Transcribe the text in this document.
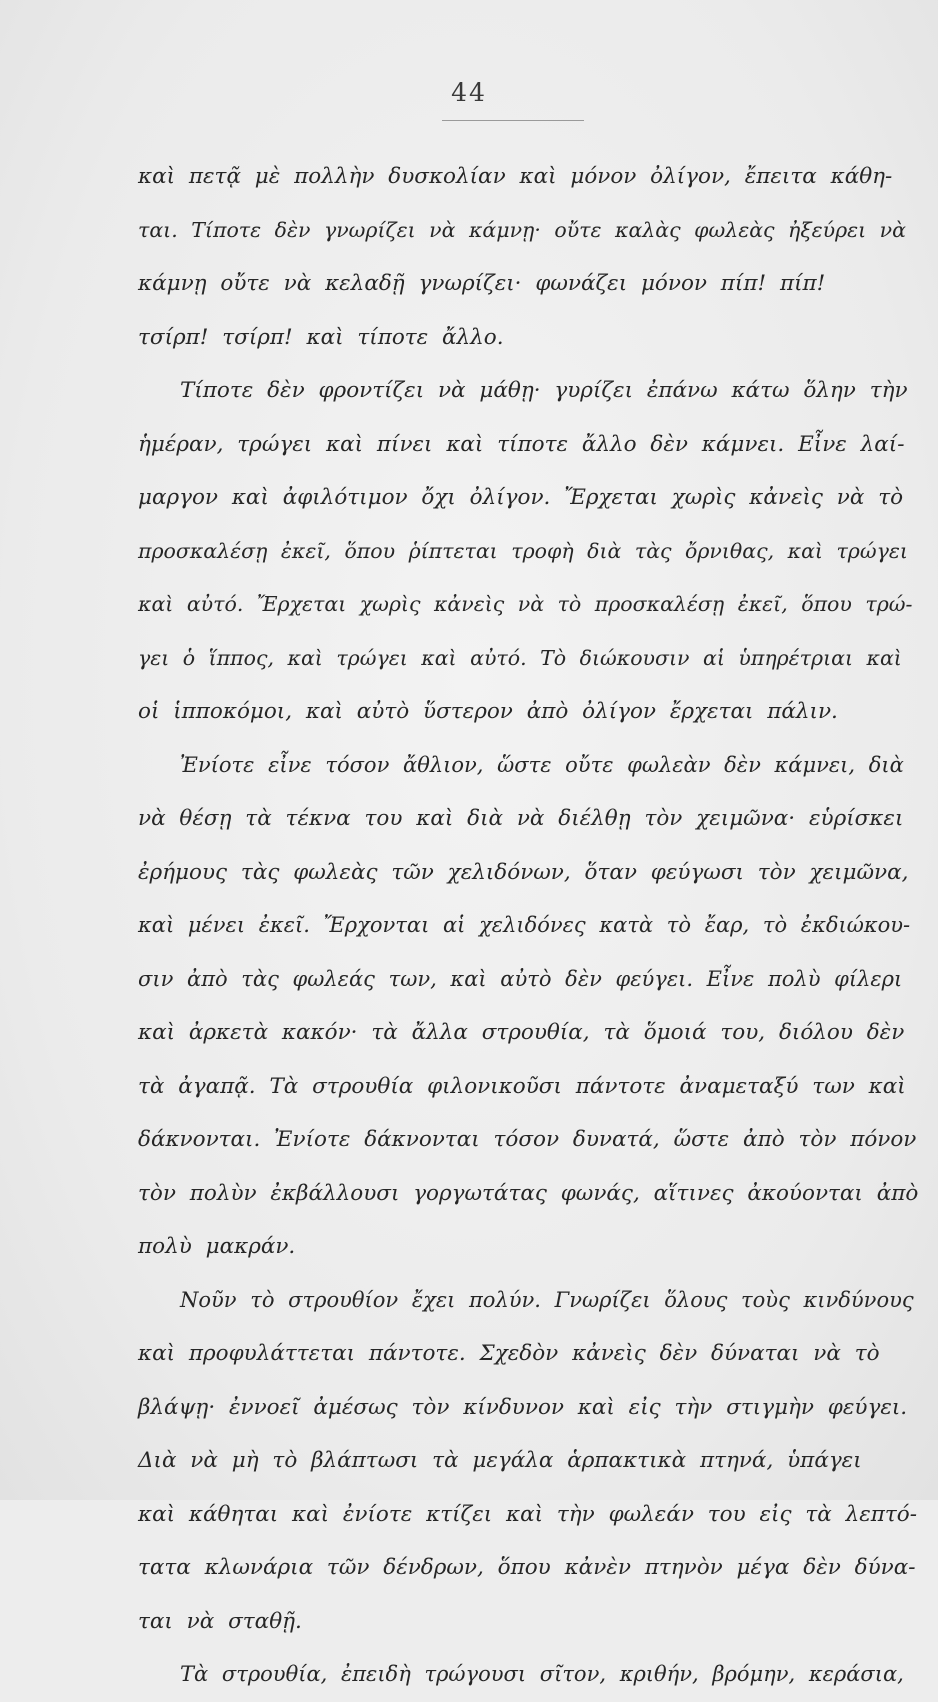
44
καὶ πετᾷ μὲ πολλὴν δυσκολίαν καὶ μόνον ὀλίγον, ἔπειτα κάθη-
ται. Τίποτε δὲν γνωρίζει νὰ κάμνῃ· οὔτε καλὰς φωλεὰς ἠξεύρει νὰ
κάμνῃ οὔτε νὰ κελαδῇ γνωρίζει· φωνάζει μόνον πίπ! πίπ!
τσίρπ! τσίρπ! καὶ τίποτε ἄλλο.
Τίποτε δὲν φροντίζει νὰ μάθῃ· γυρίζει ἐπάνω κάτω ὅλην τὴν
ἡμέραν, τρώγει καὶ πίνει καὶ τίποτε ἄλλο δὲν κάμνει. Εἶνε λαί-
μαργον καὶ ἀφιλότιμον ὄχι ὀλίγον. Ἔρχεται χωρὶς κἀνεὶς νὰ τὸ
προσκαλέσῃ ἐκεῖ, ὅπου ῥίπτεται τροφὴ διὰ τὰς ὄρνιθας, καὶ τρώγει
καὶ αὐτό. Ἔρχεται χωρὶς κἀνεὶς νὰ τὸ προσκαλέσῃ ἐκεῖ, ὅπου τρώ-
γει ὁ ἵππος, καὶ τρώγει καὶ αὐτό. Τὸ διώκουσιν αἱ ὑπηρέτριαι καὶ
οἱ ἱπποκόμοι, καὶ αὐτὸ ὕστερον ἀπὸ ὀλίγον ἔρχεται πάλιν.
Ἐνίοτε εἶνε τόσον ἄθλιον, ὥστε οὔτε φωλεὰν δὲν κάμνει, διὰ
νὰ θέσῃ τὰ τέκνα του καὶ διὰ νὰ διέλθῃ τὸν χειμῶνα· εὑρίσκει
ἐρήμους τὰς φωλεὰς τῶν χελιδόνων, ὅταν φεύγωσι τὸν χειμῶνα,
καὶ μένει ἐκεῖ. Ἔρχονται αἱ χελιδόνες κατὰ τὸ ἔαρ, τὸ ἐκδιώκου-
σιν ἀπὸ τὰς φωλεάς των, καὶ αὐτὸ δὲν φεύγει. Εἶνε πολὺ φίλερι
καὶ ἀρκετὰ κακόν· τὰ ἄλλα στρουθία, τὰ ὅμοιά του, διόλου δὲν
τὰ ἀγαπᾷ. Τὰ στρουθία φιλονικοῦσι πάντοτε ἀναμεταξύ των καὶ
δάκνονται. Ἐνίοτε δάκνονται τόσον δυνατά, ὥστε ἀπὸ τὸν πόνον
τὸν πολὺν ἐκβάλλουσι γοργωτάτας φωνάς, αἵτινες ἀκούονται ἀπὸ
πολὺ μακράν.
Νοῦν τὸ στρουθίον ἔχει πολύν. Γνωρίζει ὅλους τοὺς κινδύνους
καὶ προφυλάττεται πάντοτε. Σχεδὸν κἀνεὶς δὲν δύναται νὰ τὸ
βλάψῃ· ἐννοεῖ ἀμέσως τὸν κίνδυνον καὶ εἰς τὴν στιγμὴν φεύγει.
Διὰ νὰ μὴ τὸ βλάπτωσι τὰ μεγάλα ἁρπακτικὰ πτηνά, ὑπάγει
καὶ κάθηται καὶ ἐνίοτε κτίζει καὶ τὴν φωλεάν του εἰς τὰ λεπτό-
τατα κλωνάρια τῶν δένδρων, ὅπου κἀνὲν πτηνὸν μέγα δὲν δύνα-
ται νὰ σταθῇ.
Τὰ στρουθία, ἐπειδὴ τρώγουσι σῖτον, κριθήν, βρόμην, κεράσια,
